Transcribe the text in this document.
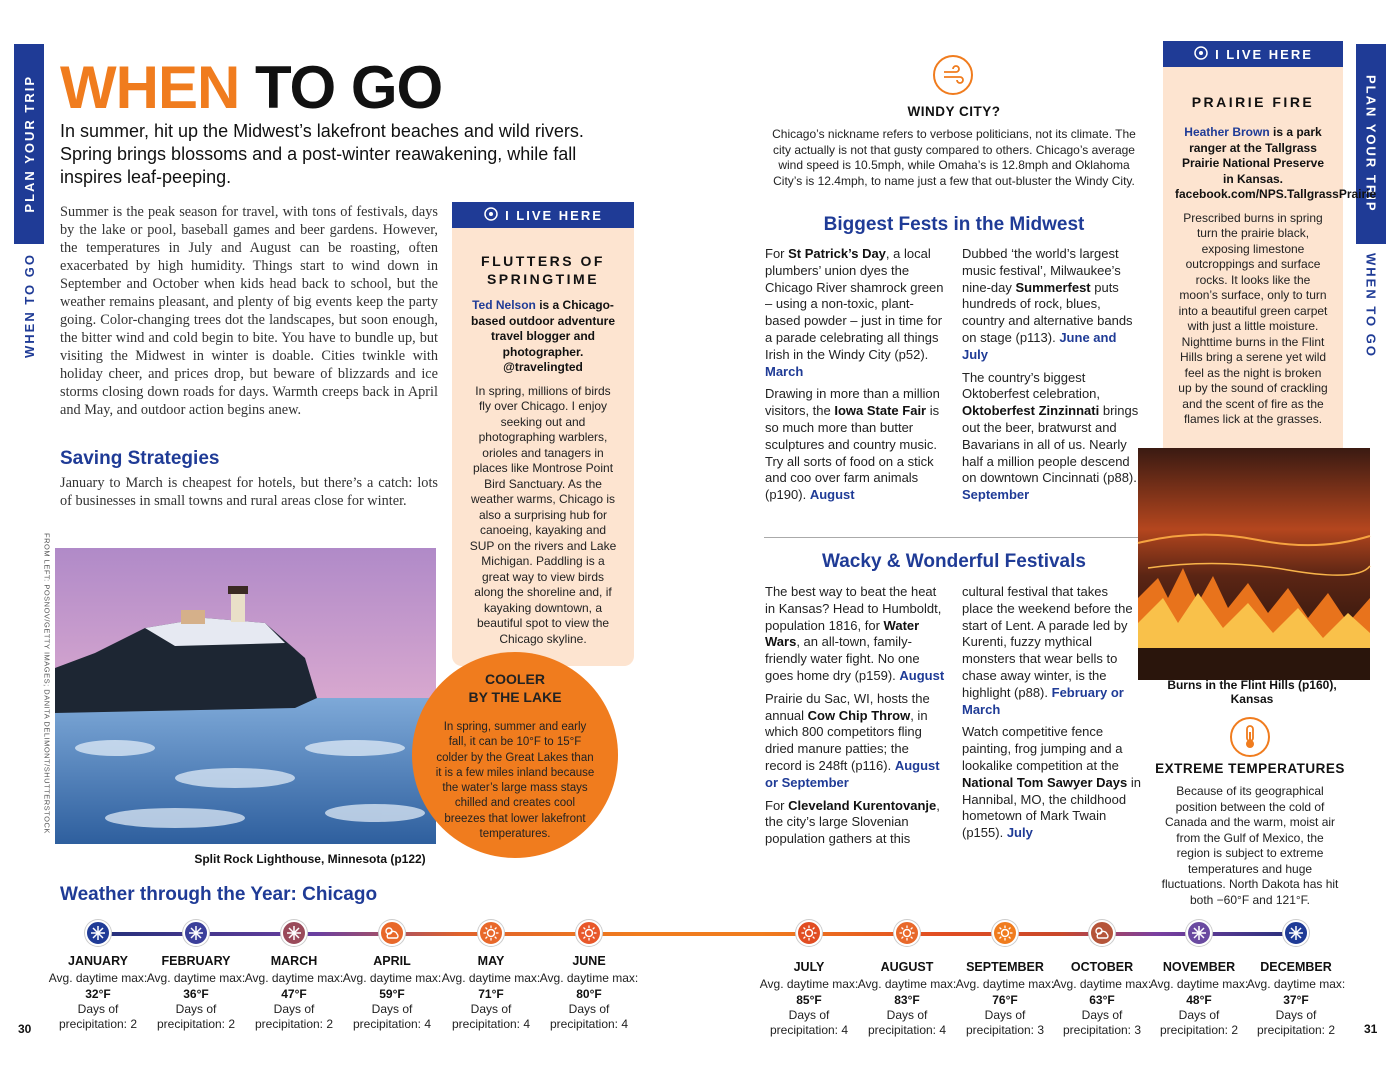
PLAN YOUR TRIP
WHEN TO GO
PLAN YOUR TRIP
WHEN TO GO
WHEN TO GO
In summer, hit up the Midwest’s lakefront beaches and wild rivers. Spring brings blossoms and a post-winter reawakening, while fall inspires leaf-peeping.
Summer is the peak season for travel, with tons of festivals, days by the lake or pool, baseball games and beer gardens. However, the temperatures in July and August can be roasting, often exacerbated by high humidity. Things start to wind down in September and October when kids head back to school, but the weather remains pleasant, and plenty of big events keep the party going. Color-changing trees dot the landscapes, but soon enough, the bitter wind and cold begin to bite. You have to bundle up, but visiting the Midwest in winter is doable. Cities twinkle with holiday cheer, and prices drop, but beware of blizzards and ice storms closing down roads for days. Warmth creeps back in April and May, and outdoor action begins anew.
Saving Strategies
January to March is cheapest for hotels, but there’s a catch: lots of businesses in small towns and rural areas close for winter.
FROM LEFT: POSNOV/GETTY IMAGES; DANITA DELIMONT/SHUTTERSTOCK
Split Rock Lighthouse, Minnesota (p122)
I LIVE HERE
FLUTTERS OF SPRINGTIME
Ted Nelson is a Chicago-based outdoor adventure travel blogger and photographer. @travelingted
In spring, millions of birds fly over Chicago. I enjoy seeking out and photographing warblers, orioles and tanagers in places like Montrose Point Bird Sanctuary. As the weather warms, Chicago is also a surprising hub for canoeing, kayaking and SUP on the rivers and Lake Michigan. Paddling is a great way to view birds along the shoreline and, if kayaking downtown, a beautiful spot to view the Chicago skyline.
COOLER
BY THE LAKE
In spring, summer and early fall, it can be 10°F to 15°F colder by the Great Lakes than it is a few miles inland because the water’s large mass stays chilled and creates cool breezes that lower lakefront temperatures.
WINDY CITY?
Chicago’s nickname refers to verbose politicians, not its climate. The city actually is not that gusty compared to others. Chicago’s average wind speed is 10.5mph, while Omaha’s is 12.8mph and Oklahoma City’s is 12.4mph, to name just a few that out-bluster the Windy City.
Biggest Fests in the Midwest

For St Patrick’s Day, a local plumbers’ union dyes the Chicago River shamrock green – using a non-toxic, plant-based powder – just in time for a parade celebrating all things Irish in the Windy City (p52). March

Drawing in more than a million visitors, the Iowa State Fair is so much more than butter sculptures and country music. Try all sorts of food on a stick and coo over farm animals (p190). August

Dubbed ‘the world’s largest music festival’, Milwaukee’s nine-day Summerfest puts hundreds of rock, blues, country and alternative bands on stage (p113). June and July

The country’s biggest Oktoberfest celebration, Oktoberfest Zinzinnati brings out the beer, bratwurst and Bavarians in all of us. Nearly half a million people descend on downtown Cincinnati (p88). September

Wacky & Wonderful Festivals

The best way to beat the heat in Kansas? Head to Humboldt, population 1816, for Water Wars, an all-town, family-friendly water fight. No one goes home dry (p159). August

Prairie du Sac, WI, hosts the annual Cow Chip Throw, in which 800 competitors fling dried manure patties; the record is 248ft (p116). August or September

For Cleveland Kurentovanje, the city’s large Slovenian population gathers at this

cultural festival that takes place the weekend before the start of Lent. A parade led by Kurenti, fuzzy mythical monsters that wear bells to chase away winter, is the highlight (p88). February or March

Watch competitive fence painting, frog jumping and a lookalike competition at the National Tom Sawyer Days in Hannibal, MO, the childhood hometown of Mark Twain (p155). July

I LIVE HERE
PRAIRIE FIRE
Heather Brown is a park ranger at the Tallgrass Prairie National Preserve in Kansas. facebook.com/NPS.TallgrassPrairie
Prescribed burns in spring turn the prairie black, exposing limestone outcroppings and surface rocks. It looks like the moon’s surface, only to turn into a beautiful green carpet with just a little moisture. Nighttime burns in the Flint Hills bring a serene yet wild feel as the night is broken up by the sound of crackling and the scent of fire as the flames lick at the grasses.
Burns in the Flint Hills (p160), Kansas
EXTREME TEMPERATURES
Because of its geographical position between the cold of Canada and the warm, moist air from the Gulf of Mexico, the region is subject to extreme temperatures and huge fluctuations. North Dakota has hit both −60°F and 121°F.
Weather through the Year: Chicago
JANUARY
Avg. daytime max: 32°F
Days of precipitation: 2
FEBRUARY
Avg. daytime max: 36°F
Days of precipitation: 2
MARCH
Avg. daytime max: 47°F
Days of precipitation: 2
APRIL
Avg. daytime max: 59°F
Days of precipitation: 4
MAY
Avg. daytime max: 71°F
Days of precipitation: 4
JUNE
Avg. daytime max: 80°F
Days of precipitation: 4
JULY
Avg. daytime max: 85°F
Days of precipitation: 4
AUGUST
Avg. daytime max: 83°F
Days of precipitation: 4
SEPTEMBER
Avg. daytime max: 76°F
Days of precipitation: 3
OCTOBER
Avg. daytime max: 63°F
Days of precipitation: 3
NOVEMBER
Avg. daytime max: 48°F
Days of precipitation: 2
DECEMBER
Avg. daytime max: 37°F
Days of precipitation: 2
30	31
